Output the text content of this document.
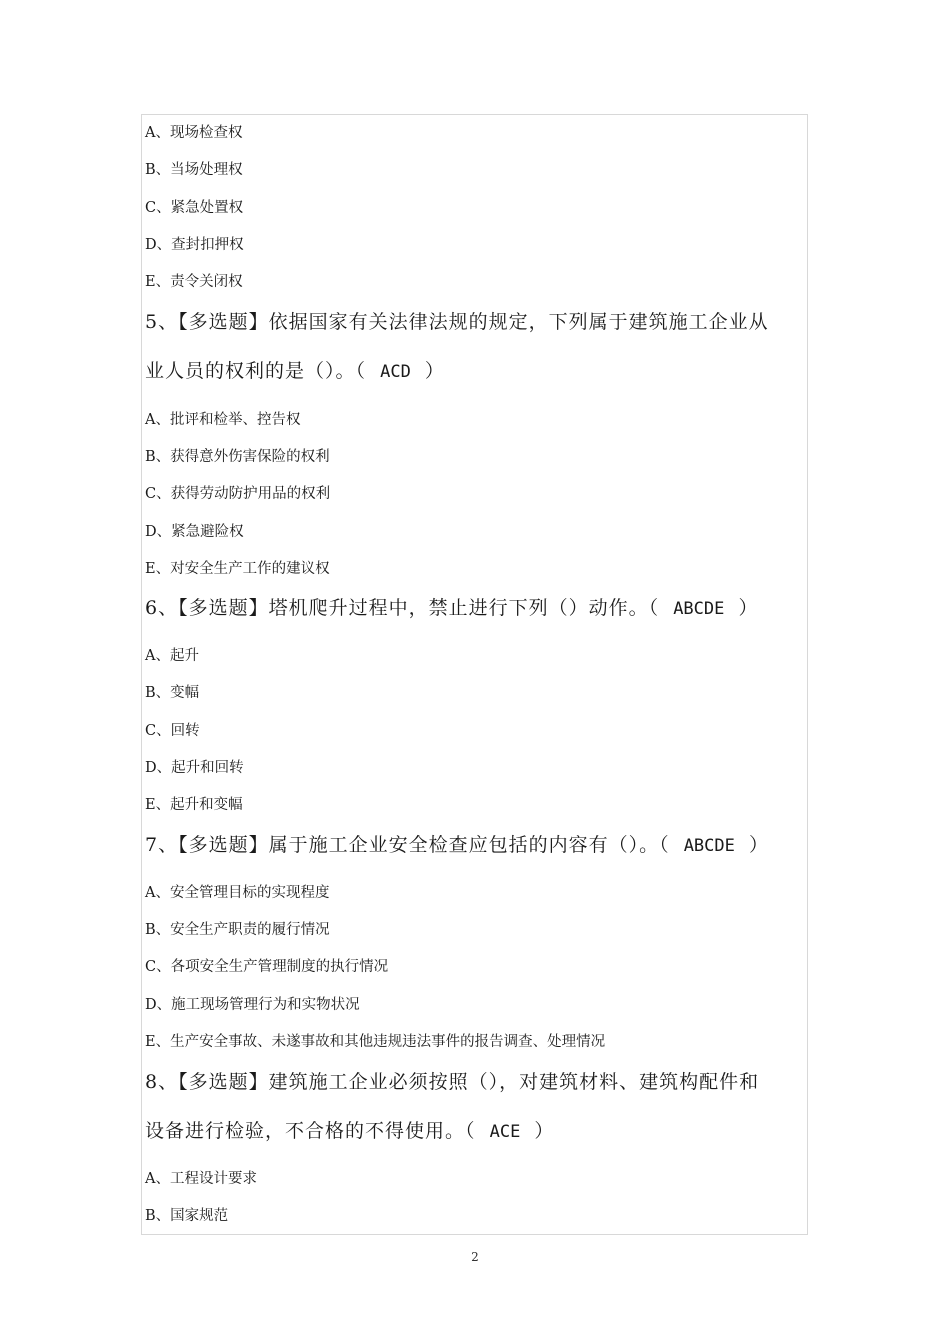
A、现场检查权
B、当场处理权
C、紧急处置权
D、查封扣押权
E、责令关闭权
5、【多选题】依据国家有关法律法规的规定，下列属于建筑施工企业从
业人员的权利的是（）。（ ACD ）
A、批评和检举、控告权
B、获得意外伤害保险的权利
C、获得劳动防护用品的权利
D、紧急避险权
E、对安全生产工作的建议权
6、【多选题】塔机爬升过程中，禁止进行下列（）动作。（ ABCDE ）
A、起升
B、变幅
C、回转
D、起升和回转
E、起升和变幅
7、【多选题】属于施工企业安全检查应包括的内容有（）。（ ABCDE ）
A、安全管理目标的实现程度
B、安全生产职责的履行情况
C、各项安全生产管理制度的执行情况
D、施工现场管理行为和实物状况
E、生产安全事故、未遂事故和其他违规违法事件的报告调查、处理情况
8、【多选题】建筑施工企业必须按照（），对建筑材料、建筑构配件和
设备进行检验，不合格的不得使用。（ ACE ）
A、工程设计要求
B、国家规范
2
